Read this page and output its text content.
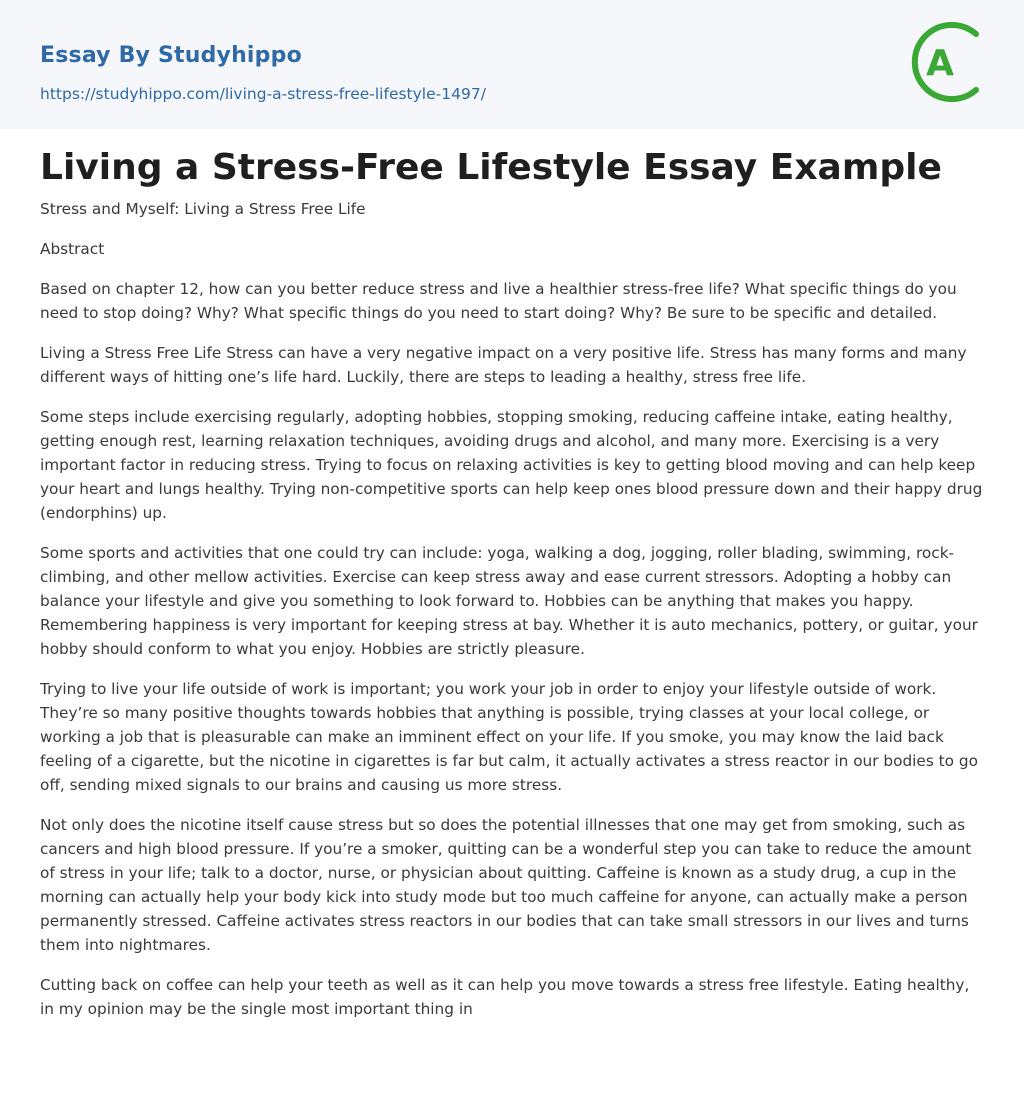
Essay By Studyhippo
https://studyhippo.com/living-a-stress-free-lifestyle-1497/
A
Living a Stress-Free Lifestyle Essay Example

Stress and Myself: Living a Stress Free Life

Abstract

Based on chapter 12, how can you better reduce stress and live a healthier stress-free life? What specific things do you need to stop doing? Why? What specific things do you need to start doing? Why? Be sure to be specific and detailed.

Living a Stress Free Life Stress can have a very negative impact on a very positive life. Stress has many forms and many different ways of hitting one’s life hard. Luckily, there are steps to leading a healthy, stress free life.

Some steps include exercising regularly, adopting hobbies, stopping smoking, reducing caffeine intake, eating healthy, getting enough rest, learning relaxation techniques, avoiding drugs and alcohol, and many more. Exercising is a very important factor in reducing stress. Trying to focus on relaxing activities is key to getting blood moving and can help keep your heart and lungs healthy. Trying non-competitive sports can help keep ones blood pressure down and their happy drug (endorphins) up.

Some sports and activities that one could try can include: yoga, walking a dog, jogging, roller blading, swimming, rock-climbing, and other mellow activities. Exercise can keep stress away and ease current stressors. Adopting a hobby can balance your lifestyle and give you something to look forward to. Hobbies can be anything that makes you happy. Remembering happiness is very important for keeping stress at bay. Whether it is auto mechanics, pottery, or guitar, your hobby should conform to what you enjoy. Hobbies are strictly pleasure.

Trying to live your life outside of work is important; you work your job in order to enjoy your lifestyle outside of work. They’re so many positive thoughts towards hobbies that anything is possible, trying classes at your local college, or working a job that is pleasurable can make an imminent effect on your life. If you smoke, you may know the laid back feeling of a cigarette, but the nicotine in cigarettes is far but calm, it actually activates a stress reactor in our bodies to go off, sending mixed signals to our brains and causing us more stress.

Not only does the nicotine itself cause stress but so does the potential illnesses that one may get from smoking, such as cancers and high blood pressure. If you’re a smoker, quitting can be a wonderful step you can take to reduce the amount of stress in your life; talk to a doctor, nurse, or physician about quitting. Caffeine is known as a study drug, a cup in the morning can actually help your body kick into study mode but too much caffeine for anyone, can actually make a person permanently stressed. Caffeine activates stress reactors in our bodies that can take small stressors in our lives and turns them into nightmares.

Cutting back on coffee can help your teeth as well as it can help you move towards a stress free lifestyle. Eating healthy, in my opinion may be the single most important thing in
